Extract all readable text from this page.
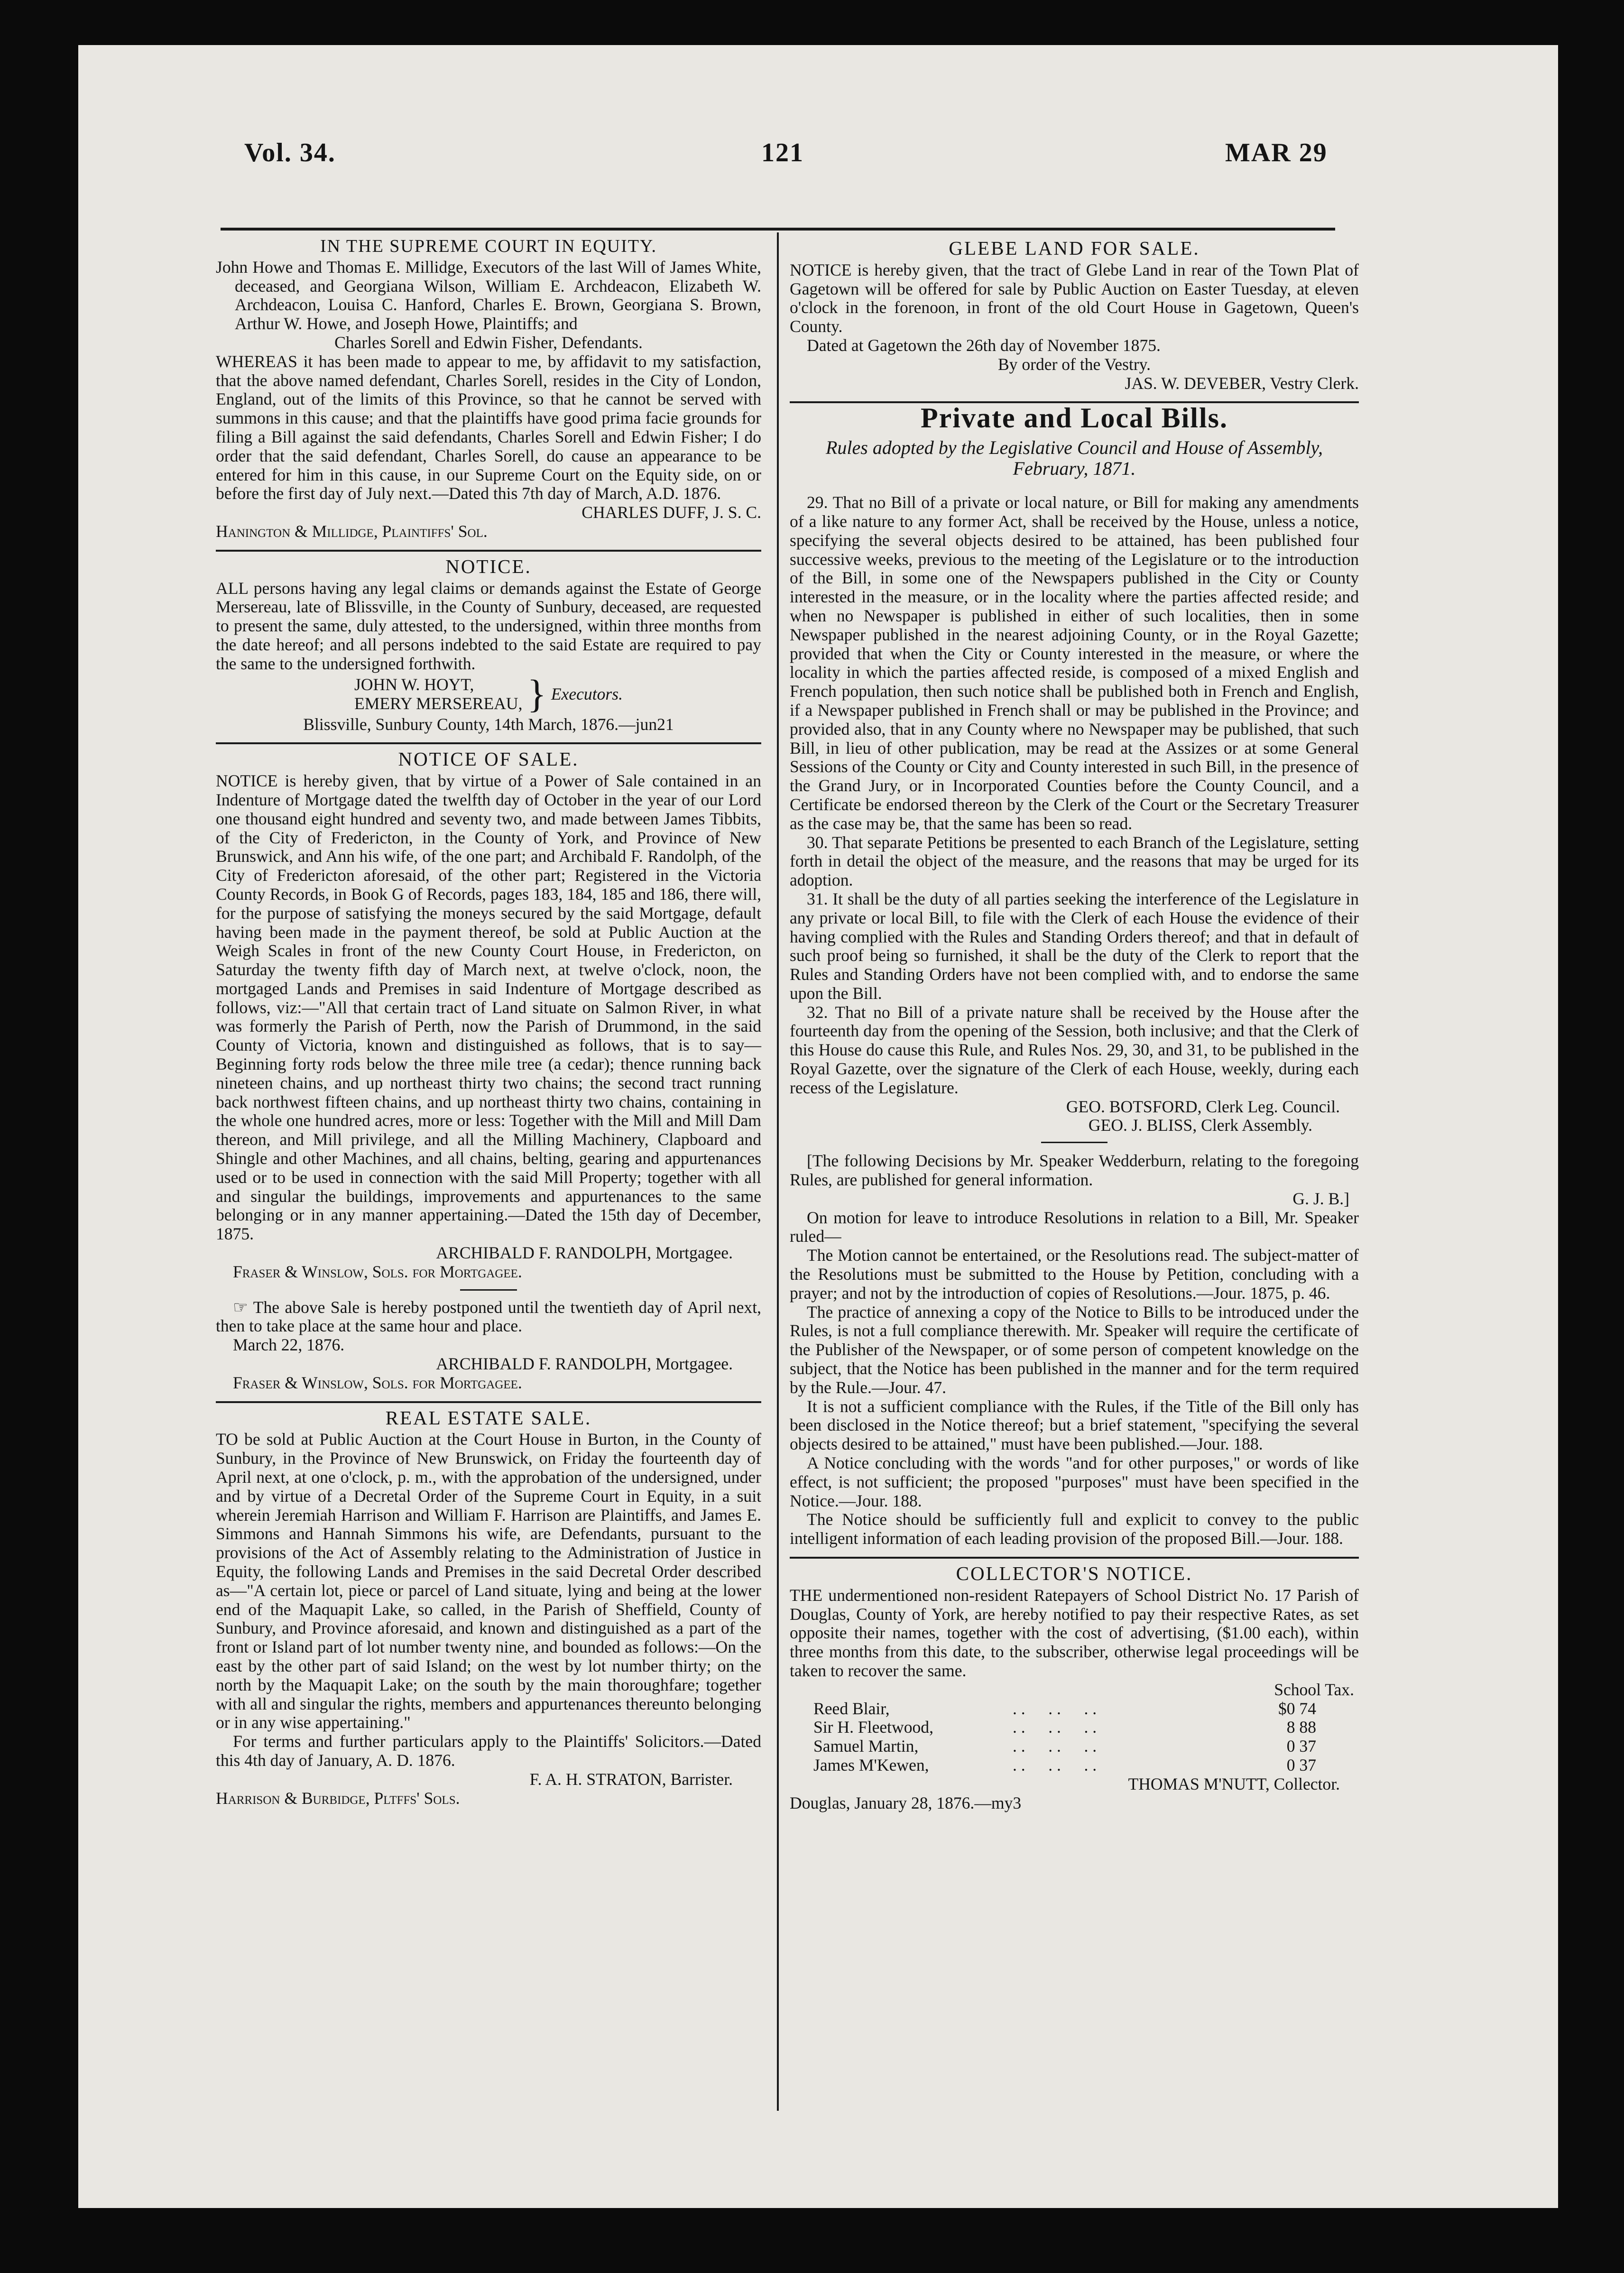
Vol. 34.	121	MAR 29
IN THE SUPREME COURT IN EQUITY.

John Howe and Thomas E. Millidge, Executors of the last Will of James White, deceased, and Georgiana Wilson, William E. Archdeacon, Elizabeth W. Archdeacon, Louisa C. Hanford, Charles E. Brown, Georgiana S. Brown, Arthur W. Howe, and Joseph Howe, Plaintiffs; and

Charles Sorell and Edwin Fisher, Defendants.

WHEREAS it has been made to appear to me, by affidavit to my satisfaction, that the above named defendant, Charles Sorell, resides in the City of London, England, out of the limits of this Province, so that he cannot be served with summons in this cause; and that the plaintiffs have good prima facie grounds for filing a Bill against the said defendants, Charles Sorell and Edwin Fisher; I do order that the said defendant, Charles Sorell, do cause an appearance to be entered for him in this cause, in our Supreme Court on the Equity side, on or before the first day of July next.—Dated this 7th day of March, A.D. 1876.

CHARLES DUFF, J. S. C.

Hanington & Millidge, Plaintiffs' Sol.

NOTICE.

ALL persons having any legal claims or demands against the Estate of George Mersereau, late of Blissville, in the County of Sunbury, deceased, are requested to present the same, duly attested, to the undersigned, within three months from the date hereof; and all persons indebted to the said Estate are required to pay the same to the undersigned forthwith.

JOHN W. HOYT,
EMERY MERSEREAU, } Executors.

Blissville, Sunbury County, 14th March, 1876.—jun21

NOTICE OF SALE.

NOTICE is hereby given, that by virtue of a Power of Sale contained in an Indenture of Mortgage dated the twelfth day of October in the year of our Lord one thousand eight hundred and seventy two, and made between James Tibbits, of the City of Fredericton, in the County of York, and Province of New Brunswick, and Ann his wife, of the one part; and Archibald F. Randolph, of the City of Fredericton aforesaid, of the other part; Registered in the Victoria County Records, in Book G of Records, pages 183, 184, 185 and 186, there will, for the purpose of satisfying the moneys secured by the said Mortgage, default having been made in the payment thereof, be sold at Public Auction at the Weigh Scales in front of the new County Court House, in Fredericton, on Saturday the twenty fifth day of March next, at twelve o'clock, noon, the mortgaged Lands and Premises in said Indenture of Mortgage described as follows, viz:—"All that certain tract of Land situate on Salmon River, in what was formerly the Parish of Perth, now the Parish of Drummond, in the said County of Victoria, known and distinguished as follows, that is to say—Beginning forty rods below the three mile tree (a cedar); thence running back nineteen chains, and up northeast thirty two chains; the second tract running back northwest fifteen chains, and up northeast thirty two chains, containing in the whole one hundred acres, more or less: Together with the Mill and Mill Dam thereon, and Mill privilege, and all the Milling Machinery, Clapboard and Shingle and other Machines, and all chains, belting, gearing and appurtenances used or to be used in connection with the said Mill Property; together with all and singular the buildings, improvements and appurtenances to the same belonging or in any manner appertaining.—Dated the 15th day of December, 1875.

ARCHIBALD F. RANDOLPH, Mortgagee.

Fraser & Winslow, Sols. for Mortgagee.

☞ The above Sale is hereby postponed until the twentieth day of April next, then to take place at the same hour and place.

March 22, 1876.

ARCHIBALD F. RANDOLPH, Mortgagee.

Fraser & Winslow, Sols. for Mortgagee.

REAL ESTATE SALE.

TO be sold at Public Auction at the Court House in Burton, in the County of Sunbury, in the Province of New Brunswick, on Friday the fourteenth day of April next, at one o'clock, p. m., with the approbation of the undersigned, under and by virtue of a Decretal Order of the Supreme Court in Equity, in a suit wherein Jeremiah Harrison and William F. Harrison are Plaintiffs, and James E. Simmons and Hannah Simmons his wife, are Defendants, pursuant to the provisions of the Act of Assembly relating to the Administration of Justice in Equity, the following Lands and Premises in the said Decretal Order described as—"A certain lot, piece or parcel of Land situate, lying and being at the lower end of the Maquapit Lake, so called, in the Parish of Sheffield, County of Sunbury, and Province aforesaid, and known and distinguished as a part of the front or Island part of lot number twenty nine, and bounded as follows:—On the east by the other part of said Island; on the west by lot number thirty; on the north by the Maquapit Lake; on the south by the main thoroughfare; together with all and singular the rights, members and appurtenances thereunto belonging or in any wise appertaining."

For terms and further particulars apply to the Plaintiffs' Solicitors.—Dated this 4th day of January, A. D. 1876.

F. A. H. STRATON, Barrister.

Harrison & Burbidge, Pltffs' Sols.

GLEBE LAND FOR SALE.

NOTICE is hereby given, that the tract of Glebe Land in rear of the Town Plat of Gagetown will be offered for sale by Public Auction on Easter Tuesday, at eleven o'clock in the forenoon, in front of the old Court House in Gagetown, Queen's County.

Dated at Gagetown the 26th day of November 1875.

By order of the Vestry.

JAS. W. DEVEBER, Vestry Clerk.

Private and Local Bills.
Rules adopted by the Legislative Council and House of Assembly, February, 1871.

29. That no Bill of a private or local nature, or Bill for making any amendments of a like nature to any former Act, shall be received by the House, unless a notice, specifying the several objects desired to be attained, has been published four successive weeks, previous to the meeting of the Legislature or to the introduction of the Bill, in some one of the Newspapers published in the City or County interested in the measure, or in the locality where the parties affected reside; and when no Newspaper is published in either of such localities, then in some Newspaper published in the nearest adjoining County, or in the Royal Gazette; provided that when the City or County interested in the measure, or where the locality in which the parties affected reside, is composed of a mixed English and French population, then such notice shall be published both in French and English, if a Newspaper published in French shall or may be published in the Province; and provided also, that in any County where no Newspaper may be published, that such Bill, in lieu of other publication, may be read at the Assizes or at some General Sessions of the County or City and County interested in such Bill, in the presence of the Grand Jury, or in Incorporated Counties before the County Council, and a Certificate be endorsed thereon by the Clerk of the Court or the Secretary Treasurer as the case may be, that the same has been so read.

30. That separate Petitions be presented to each Branch of the Legislature, setting forth in detail the object of the measure, and the reasons that may be urged for its adoption.

31. It shall be the duty of all parties seeking the interference of the Legislature in any private or local Bill, to file with the Clerk of each House the evidence of their having complied with the Rules and Standing Orders thereof; and that in default of such proof being so furnished, it shall be the duty of the Clerk to report that the Rules and Standing Orders have not been complied with, and to endorse the same upon the Bill.

32. That no Bill of a private nature shall be received by the House after the fourteenth day from the opening of the Session, both inclusive; and that the Clerk of this House do cause this Rule, and Rules Nos. 29, 30, and 31, to be published in the Royal Gazette, over the signature of the Clerk of each House, weekly, during each recess of the Legislature.

GEO. BOTSFORD, Clerk Leg. Council.

GEO. J. BLISS, Clerk Assembly.

[The following Decisions by Mr. Speaker Wedderburn, relating to the foregoing Rules, are published for general information.

G. J. B.]

On motion for leave to introduce Resolutions in relation to a Bill, Mr. Speaker ruled—

The Motion cannot be entertained, or the Resolutions read. The subject-matter of the Resolutions must be submitted to the House by Petition, concluding with a prayer; and not by the introduction of copies of Resolutions.—Jour. 1875, p. 46.

The practice of annexing a copy of the Notice to Bills to be introduced under the Rules, is not a full compliance therewith. Mr. Speaker will require the certificate of the Publisher of the Newspaper, or of some person of competent knowledge on the subject, that the Notice has been published in the manner and for the term required by the Rule.—Jour. 47.

It is not a sufficient compliance with the Rules, if the Title of the Bill only has been disclosed in the Notice thereof; but a brief statement, "specifying the several objects desired to be attained," must have been published.—Jour. 188.

A Notice concluding with the words "and for other purposes," or words of like effect, is not sufficient; the proposed "purposes" must have been specified in the Notice.—Jour. 188.

The Notice should be sufficiently full and explicit to convey to the public intelligent information of each leading provision of the proposed Bill.—Jour. 188.

COLLECTOR'S NOTICE.

THE undermentioned non-resident Ratepayers of School District No. 17 Parish of Douglas, County of York, are hereby notified to pay their respective Rates, as set opposite their names, together with the cost of advertising, ($1.00 each), within three months from this date, to the subscriber, otherwise legal proceedings will be taken to recover the same.

				School Tax.
Reed Blair,	. .	. .	. .	$0 74
Sir H. Fleetwood,	. .	. .	. .	8 88
Samuel Martin,	. .	. .	. .	0 37
James M'Kewen,	. .	. .	. .	0 37

THOMAS M'NUTT, Collector.

Douglas, January 28, 1876.—my3
